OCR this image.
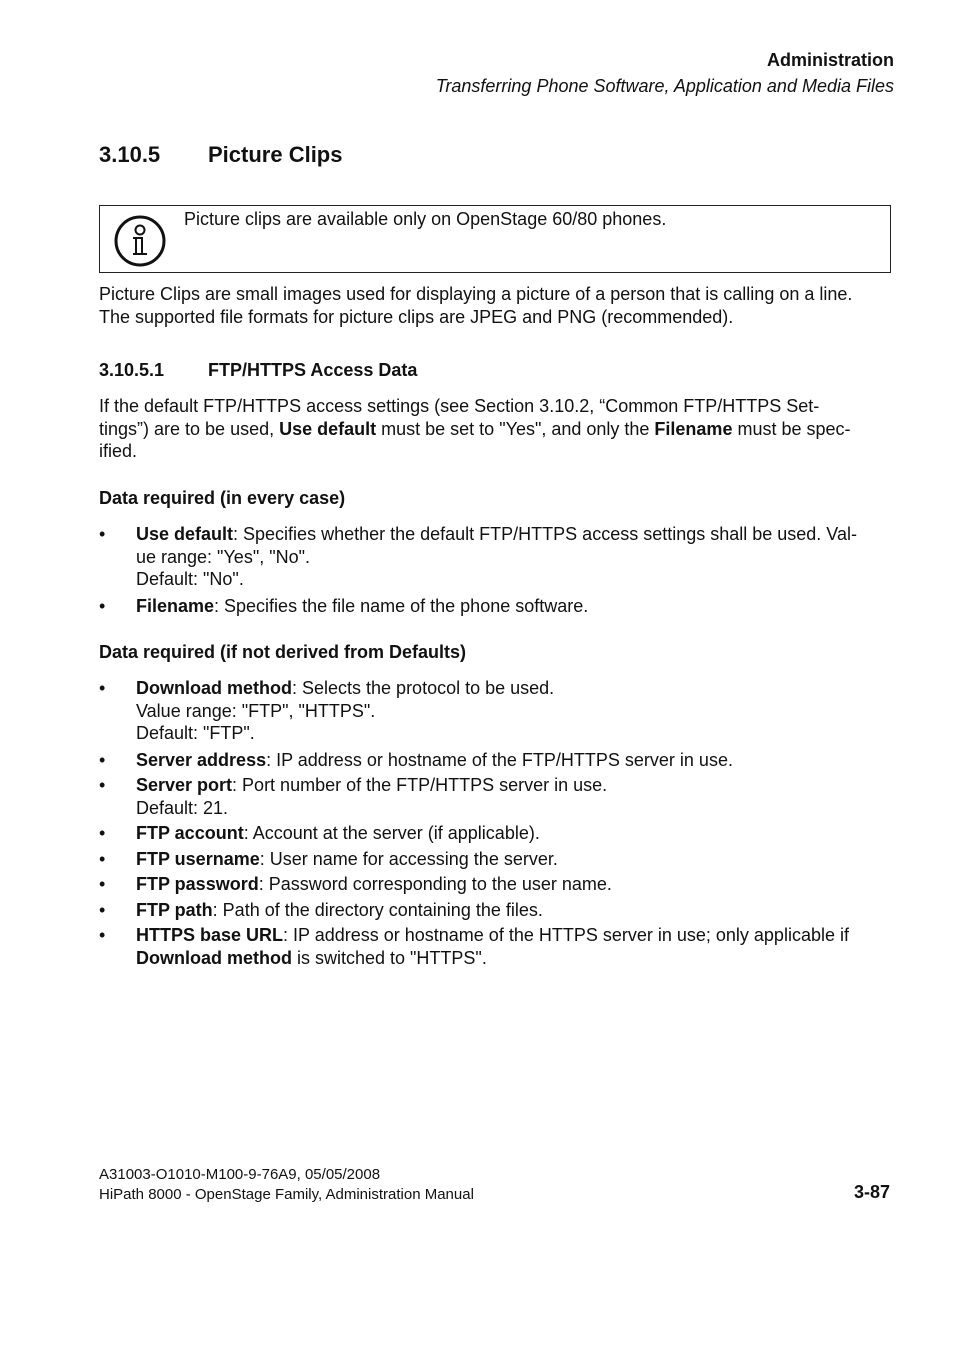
Administration
Transferring Phone Software, Application and Media Files
3.10.5 Picture Clips
Picture clips are available only on OpenStage 60/80 phones.
Picture Clips are small images used for displaying a picture of a person that is calling on a line.
The supported file formats for picture clips are JPEG and PNG (recommended).
3.10.5.1 FTP/HTTPS Access Data
If the default FTP/HTTPS access settings (see Section 3.10.2, “Common FTP/HTTPS Set-
tings”) are to be used, Use default must be set to "Yes", and only the Filename must be spec-
ified.
Data required (in every case)
• Use default: Specifies whether the default FTP/HTTPS access settings shall be used. Val-
ue range: "Yes", "No".
Default: "No".
• Filename: Specifies the file name of the phone software.
Data required (if not derived from Defaults)
• Download method: Selects the protocol to be used.
Value range: "FTP", "HTTPS".
Default: "FTP".
• Server address: IP address or hostname of the FTP/HTTPS server in use.
• Server port: Port number of the FTP/HTTPS server in use.
Default: 21.
• FTP account: Account at the server (if applicable).
• FTP username: User name for accessing the server.
• FTP password: Password corresponding to the user name.
• FTP path: Path of the directory containing the files.
• HTTPS base URL: IP address or hostname of the HTTPS server in use; only applicable if
Download method is switched to "HTTPS".
A31003-O1010-M100-9-76A9, 05/05/2008
HiPath 8000 - OpenStage Family, Administration Manual	3-87
